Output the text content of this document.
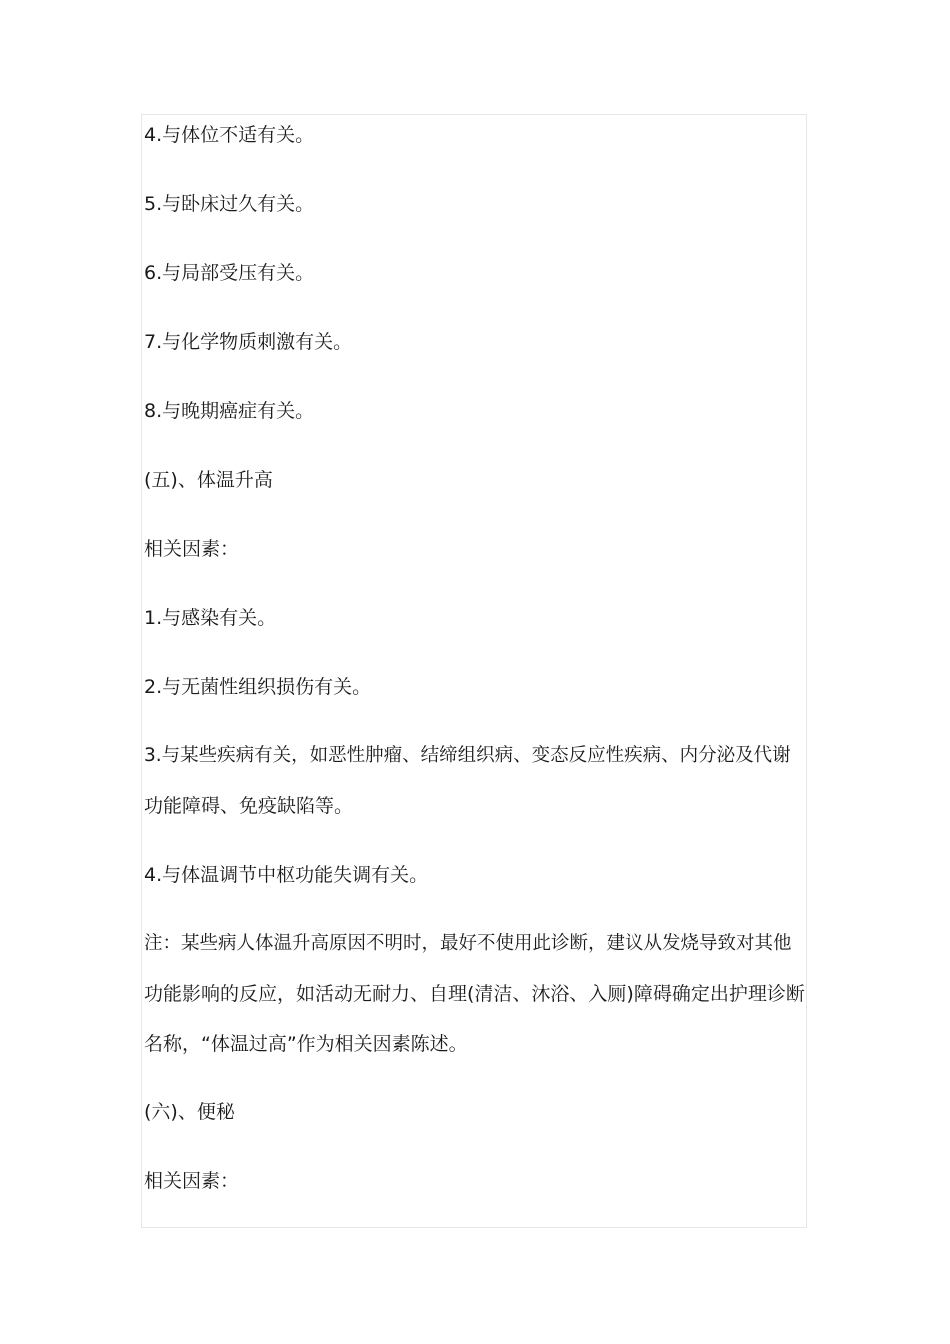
4.与体位不适有关。
5.与卧床过久有关。
6.与局部受压有关。
7.与化学物质刺激有关。
8.与晚期癌症有关。
(五)、体温升高
相关因素：
1.与感染有关。
2.与无菌性组织损伤有关。
3.与某些疾病有关，如恶性肿瘤、结缔组织病、变态反应性疾病、内分泌及代谢
功能障碍、免疫缺陷等。
4.与体温调节中枢功能失调有关。
注：某些病人体温升高原因不明时，最好不使用此诊断，建议从发烧导致对其他
功能影响的反应，如活动无耐力、自理(清洁、沐浴、入厕)障碍确定出护理诊断
名称，“体温过高”作为相关因素陈述。
(六)、便秘
相关因素：
